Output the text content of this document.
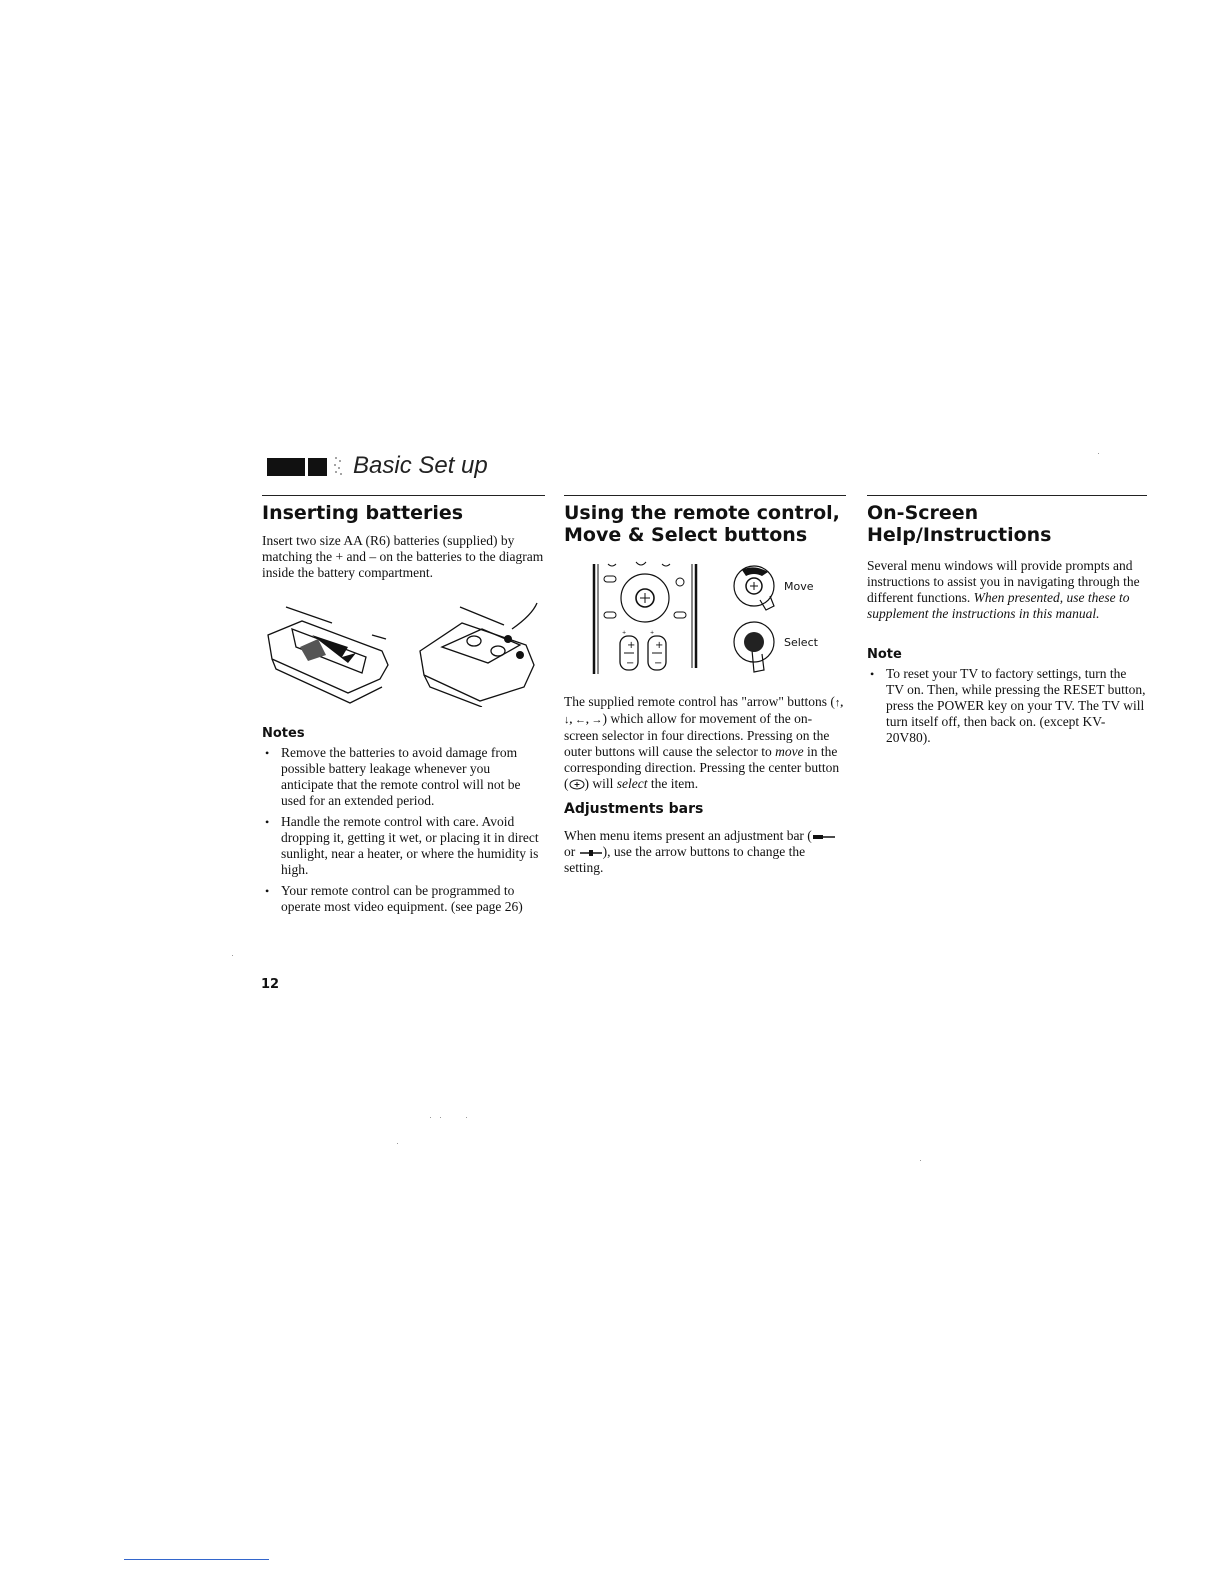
Basic Set up
Inserting batteries

Insert two size AA (R6) batteries (supplied) by matching the + and – on the batteries to the diagram inside the battery compartment.

Notes
• Remove the batteries to avoid damage from possible battery leakage whenever you anticipate that the remote control will not be used for an extended period.
• Handle the remote control with care. Avoid dropping it, getting it wet, or placing it in direct sunlight, near a heater, or where the humidity is high.
• Your remote control can be programmed to operate most video equipment. (see page 26)
Using the remote control,
Move & Select buttons
+	+
+ +
− −
Move
Select

The supplied remote control has "arrow" buttons (↑, ↓, ←, →) which allow for movement of the on-screen selector in four directions. Pressing on the outer buttons will cause the selector to move in the corresponding direction. Pressing the center button ( ) will select the item.

Adjustments bars

When menu items present an adjustment bar ( or ), use the arrow buttons to change the setting.

On-Screen Help/Instructions

Several menu windows will provide prompts and instructions to assist you in navigating through the different functions. When presented, use these to supplement the instructions in this manual.

Note
• To reset your TV to factory settings, turn the TV on. Then, while pressing the RESET button, press the POWER key on your TV. The TV will turn itself off, then back on. (except KV-20V80).
12
